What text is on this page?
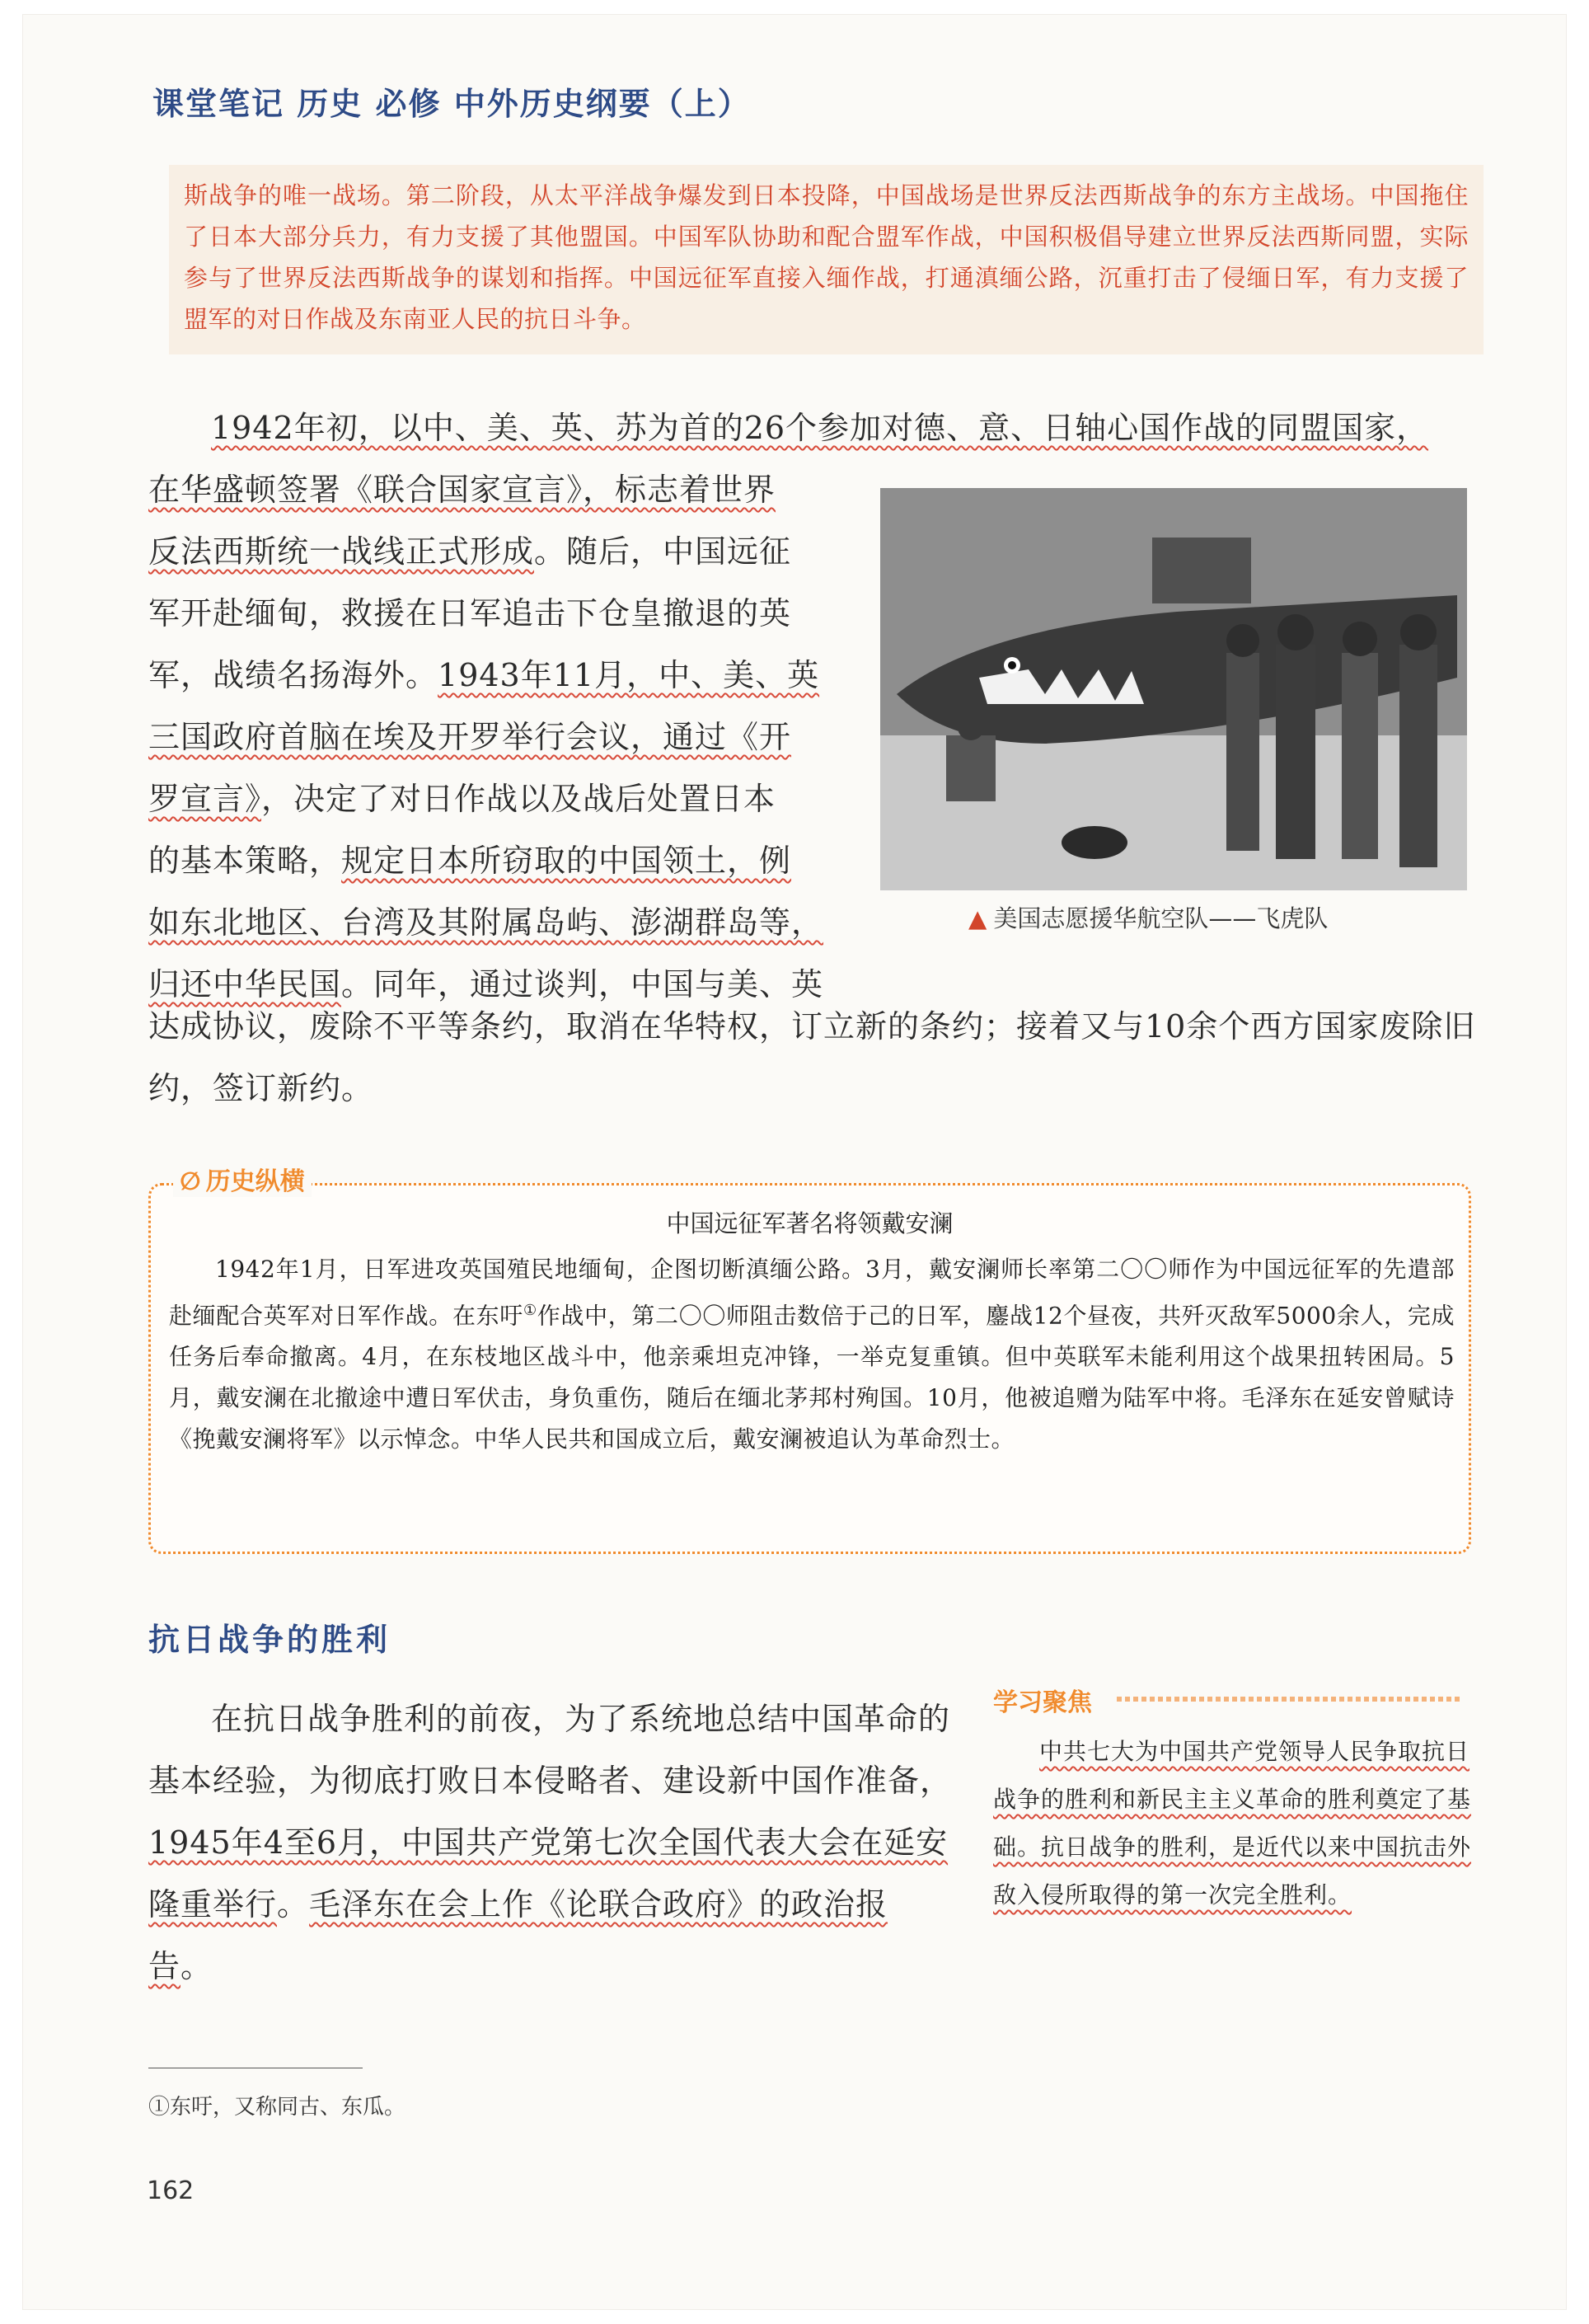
课堂笔记 历史 必修 中外历史纲要（上）

斯战争的唯一战场。第二阶段，从太平洋战争爆发到日本投降，中国战场是世界反法西斯战争的东方主战场。中国拖住了日本大部分兵力，有力支援了其他盟国。中国军队协助和配合盟军作战，中国积极倡导建立世界反法西斯同盟，实际参与了世界反法西斯战争的谋划和指挥。中国远征军直接入缅作战，打通滇缅公路，沉重打击了侵缅日军，有力支援了盟军的对日作战及东南亚人民的抗日斗争。

1942年初，以中、美、英、苏为首的26个参加对德、意、日轴心国作战的同盟国家，
在华盛顿签署《联合国家宣言》，标志着世界
反法西斯统一战线正式形成。随后，中国远征
军开赴缅甸，救援在日军追击下仓皇撤退的英
军，战绩名扬海外。1943年11月，中、美、英
三国政府首脑在埃及开罗举行会议，通过《开
罗宣言》，决定了对日作战以及战后处置日本
的基本策略，规定日本所窃取的中国领土，例
如东北地区、台湾及其附属岛屿、澎湖群岛等，
归还中华民国。同年，通过谈判，中国与美、英
达成协议，废除不平等条约，取消在华特权，订立新的条约；接着又与10余个西方国家废除旧约，签订新约。
▲ 美国志愿援华航空队——飞虎队
∅ 历史纵横
中国远征军著名将领戴安澜
1942年1月，日军进攻英国殖民地缅甸，企图切断滇缅公路。3月，戴安澜师长率第二〇〇师作为中国远征军的先遣部赴缅配合英军对日军作战。在东吁①作战中，第二〇〇师阻击数倍于己的日军，鏖战12个昼夜，共歼灭敌军5000余人，完成任务后奉命撤离。4月，在东枝地区战斗中，他亲乘坦克冲锋，一举克复重镇。但中英联军未能利用这个战果扭转困局。5月，戴安澜在北撤途中遭日军伏击，身负重伤，随后在缅北茅邦村殉国。10月，他被追赠为陆军中将。毛泽东在延安曾赋诗《挽戴安澜将军》以示悼念。中华人民共和国成立后，戴安澜被追认为革命烈士。
抗日战争的胜利
在抗日战争胜利的前夜，为了系统地总结中国革命的基本经验，为彻底打败日本侵略者、建设新中国作准备，1945年4至6月，中国共产党第七次全国代表大会在延安隆重举行。毛泽东在会上作《论联合政府》的政治报告。
学习聚焦
中共七大为中国共产党领导人民争取抗日战争的胜利和新民主主义革命的胜利奠定了基础。抗日战争的胜利，是近代以来中国抗击外敌入侵所取得的第一次完全胜利。
①东吁，又称同古、东瓜。
162
